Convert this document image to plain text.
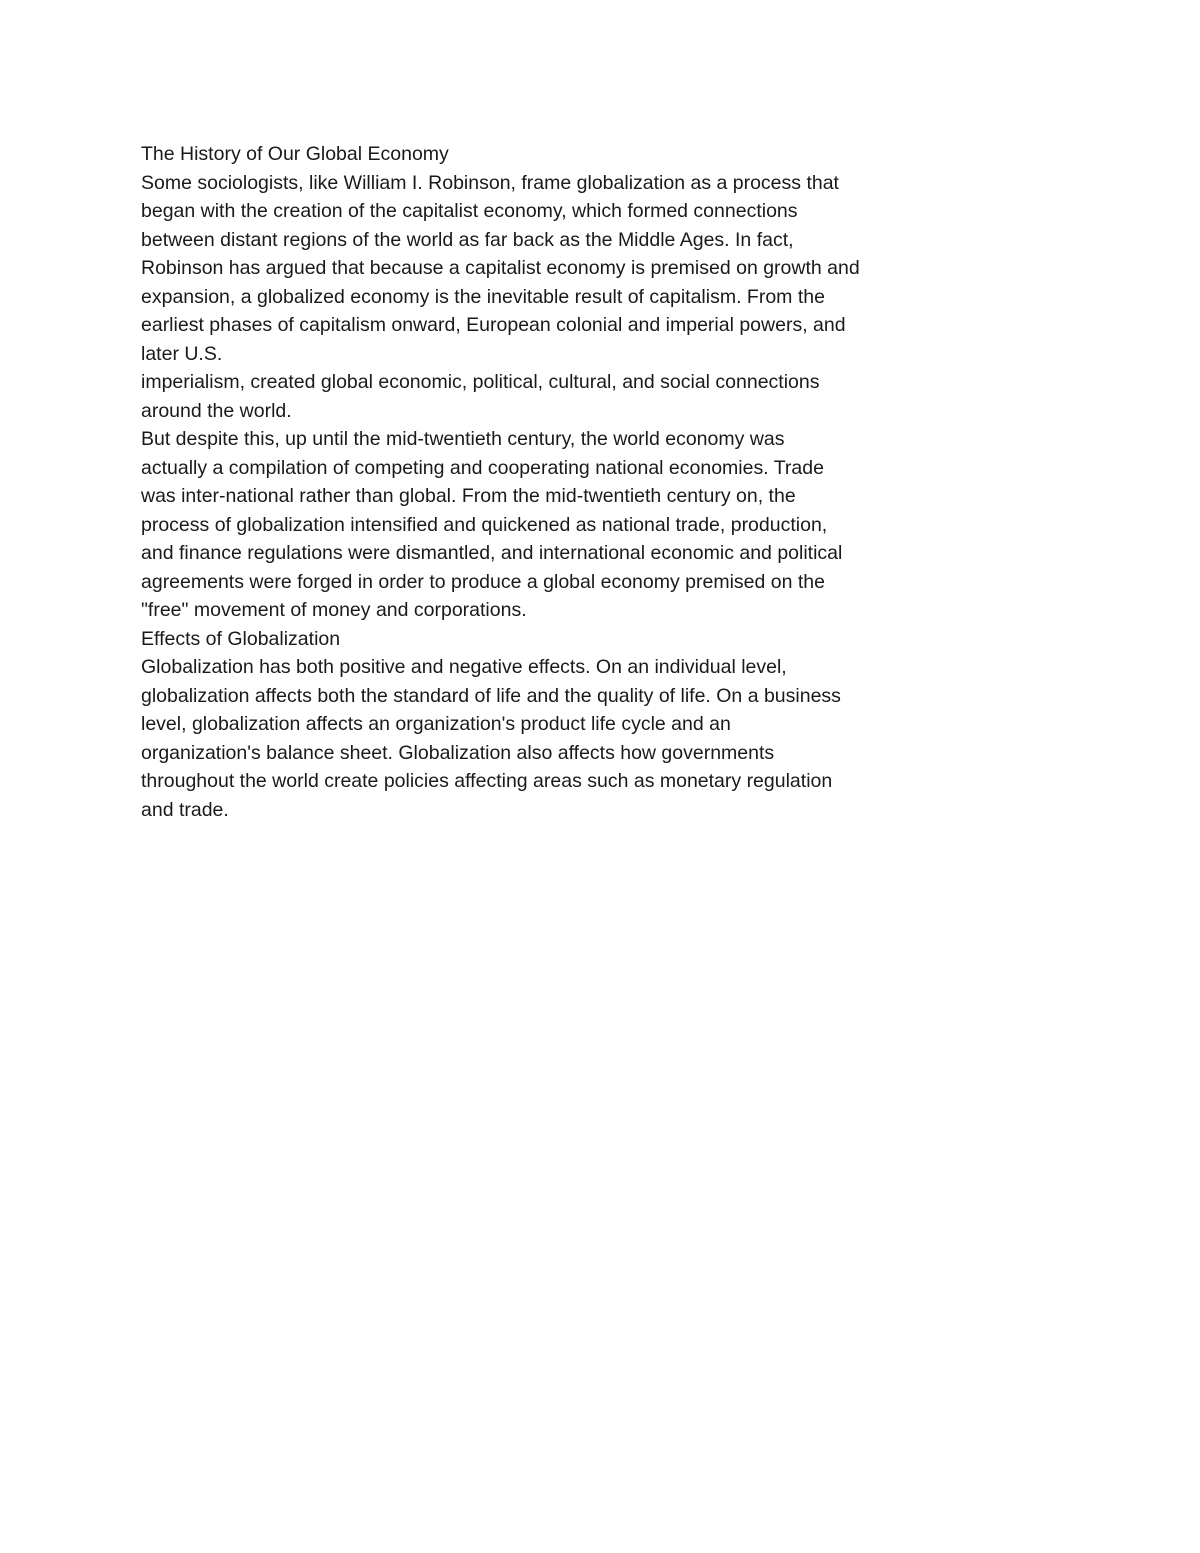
The History of Our Global Economy
Some sociologists, like William I. Robinson, frame globalization as a process that
began with the creation of the capitalist economy, which formed connections
between distant regions of the world as far back as the Middle Ages. In fact,
Robinson has argued that because a capitalist economy is premised on growth and
expansion, a globalized economy is the inevitable result of capitalism. From the
earliest phases of capitalism onward, European colonial and imperial powers, and
later U.S.
imperialism, created global economic, political, cultural, and social connections
around the world.
But despite this, up until the mid-twentieth century, the world economy was
actually a compilation of competing and cooperating national economies. Trade
was inter-national rather than global. From the mid-twentieth century on, the
process of globalization intensified and quickened as national trade, production,
and finance regulations were dismantled, and international economic and political
agreements were forged in order to produce a global economy premised on the
"free" movement of money and corporations.
Effects of Globalization
Globalization has both positive and negative effects. On an individual level,
globalization affects both the standard of life and the quality of life. On a business
level, globalization affects an organization's product life cycle and an
organization's balance sheet. Globalization also affects how governments
throughout the world create policies affecting areas such as monetary regulation
and trade.
